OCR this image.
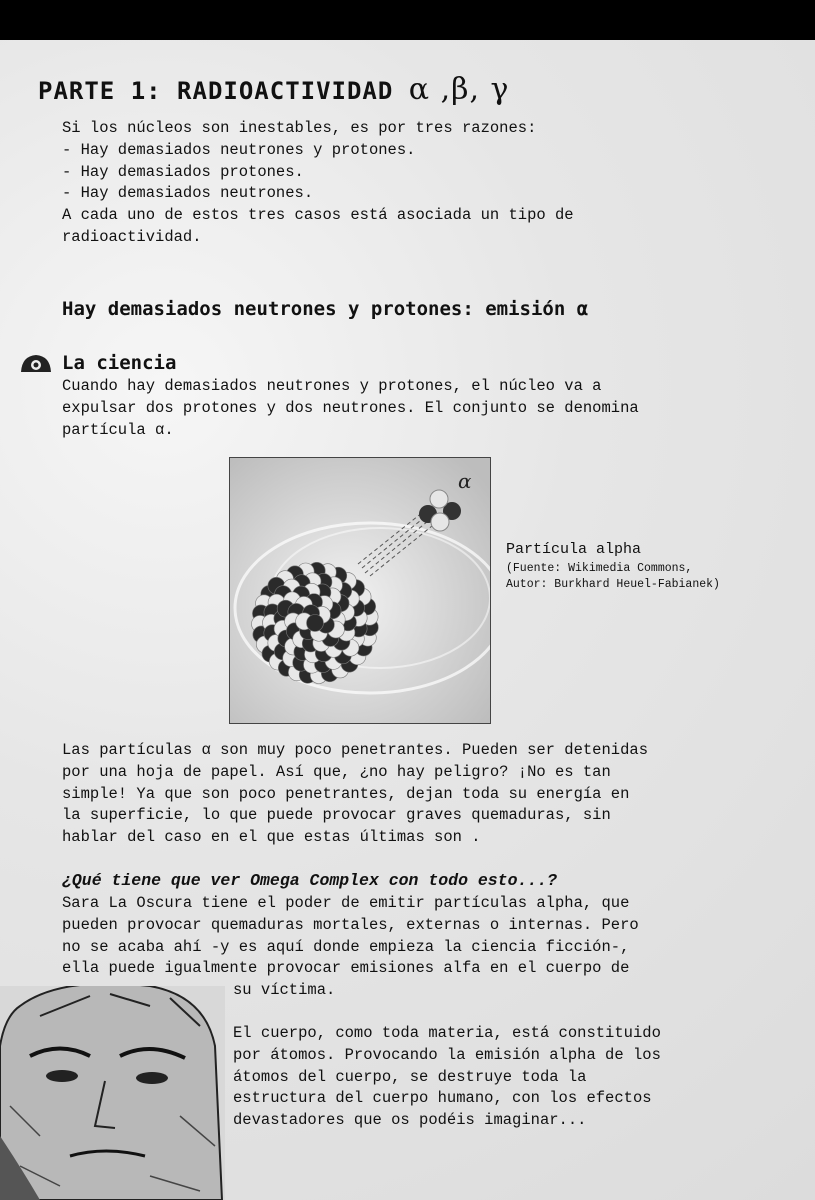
PARTE 1: RADIOACTIVIDAD α ,β, γ
Si los núcleos son inestables, es por tres razones:
- Hay demasiados neutrones y protones.
- Hay demasiados protones.
- Hay demasiados neutrones.
A cada uno de estos tres casos está asociada un tipo de
radioactividad.
Hay demasiados neutrones y protones: emisión α
La ciencia
Cuando hay demasiados neutrones y protones, el núcleo va a
expulsar dos protones y dos neutrones. El conjunto se denomina
partícula α.
α
Partícula alpha
(Fuente: Wikimedia Commons,
Autor: Burkhard Heuel-Fabianek)
Las partículas α son muy poco penetrantes. Pueden ser detenidas
por una hoja de papel. Así que, ¿no hay peligro? ¡No es tan
simple! Ya que son poco penetrantes, dejan toda su energía en
la superficie, lo que puede provocar graves quemaduras, sin
hablar del caso en el que estas últimas son .
¿Qué tiene que ver Omega Complex con todo esto...?
Sara La Oscura tiene el poder de emitir partículas alpha, que
pueden provocar quemaduras mortales, externas o internas. Pero
no se acaba ahí -y es aquí donde empieza la ciencia ficción-,
ella puede igualmente provocar emisiones alfa en el cuerpo de
su víctima.
El cuerpo, como toda materia, está constituido
por átomos. Provocando la emisión alpha de los
átomos del cuerpo, se destruye toda la
estructura del cuerpo humano, con los efectos
devastadores que os podéis imaginar...
